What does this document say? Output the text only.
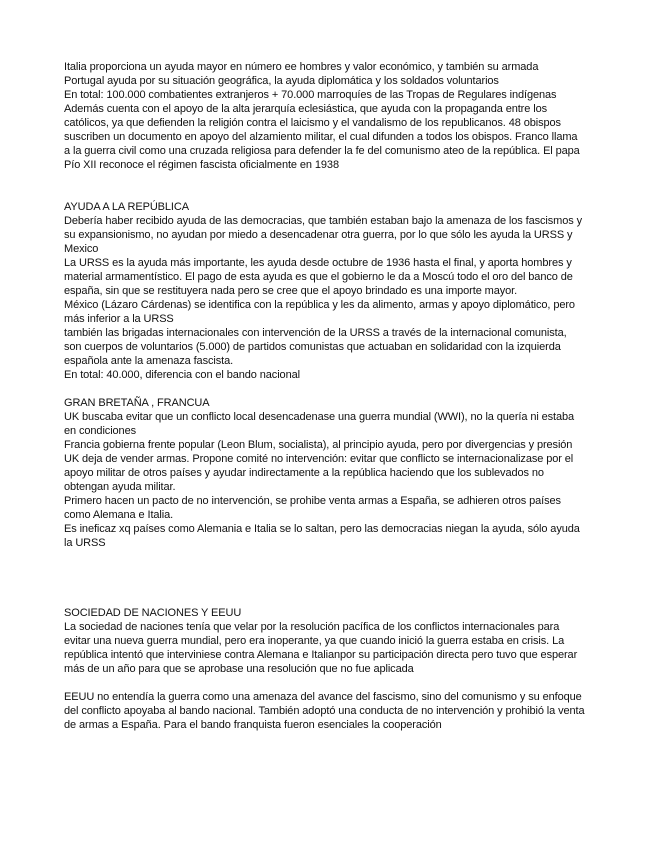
Italia proporciona un ayuda mayor en número ee hombres y valor económico, y también su armada

Portugal ayuda por su situación geográfica, la ayuda diplomática y los soldados voluntarios

En total: 100.000 combatientes extranjeros + 70.000 marroquíes de las Tropas de Regulares indígenas

Además cuenta con el apoyo de la alta jerarquía eclesiástica, que ayuda con la propaganda entre los católicos, ya que defienden la religión contra el laicismo y el vandalismo de los republicanos. 48 obispos suscriben un documento en apoyo del alzamiento militar, el cual difunden a todos los obispos. Franco llama a la guerra civil como una cruzada religiosa para defender la fe del comunismo ateo de la república. El papa Pío XII reconoce el régimen fascista oficialmente en 1938

AYUDA A LA REPÚBLICA

Debería haber recibido ayuda de las democracias, que también estaban bajo la amenaza de los fascismos y su expansionismo, no ayudan por miedo a desencadenar otra guerra, por lo que sólo les ayuda la URSS y Mexico

La URSS es la ayuda más importante, les ayuda desde octubre de 1936 hasta el final, y aporta hombres y material armamentístico. El pago de esta ayuda es que el gobierno le da a Moscú todo el oro del banco de españa, sin que se restituyera nada pero se cree que el apoyo brindado es una importe mayor.

México (Lázaro Cárdenas) se identifica con la república y les da alimento, armas y apoyo diplomático, pero más inferior a la URSS

también las brigadas internacionales con intervención de la URSS a través de la internacional comunista, son cuerpos de voluntarios (5.000) de partidos comunistas que actuaban en solidaridad con la izquierda española ante la amenaza fascista.

En total: 40.000, diferencia con el bando nacional

GRAN BRETAÑA , FRANCUA

UK buscaba evitar que un conflicto local desencadenase una guerra mundial (WWI), no la quería ni estaba en condiciones

Francia gobierna frente popular (Leon Blum, socialista), al principio ayuda, pero por divergencias y presión UK deja de vender armas. Propone comité no intervención: evitar que conflicto se internacionalizase por el apoyo militar de otros países y ayudar indirectamente a la república haciendo que los sublevados no obtengan ayuda militar.

Primero hacen un pacto de no intervención, se prohibe venta armas a España, se adhieren otros países como Alemana e Italia.

Es ineficaz xq países como Alemania e Italia se lo saltan, pero las democracias niegan la ayuda, sólo ayuda la URSS

SOCIEDAD DE NACIONES Y EEUU

La sociedad de naciones tenía que velar por la resolución pacífica de los conflictos internacionales para evitar una nueva guerra mundial, pero era inoperante, ya que cuando inició la guerra estaba en crisis. La república intentó que interviniese contra Alemana e Italianpor su participación directa pero tuvo que esperar más de un año para que se aprobase una resolución que no fue aplicada

EEUU no entendía la guerra como una amenaza del avance del fascismo, sino del comunismo y su enfoque del conflicto apoyaba al bando nacional. También adoptó una conducta de no intervención y prohibió la venta de armas a España. Para el bando franquista fueron esenciales la cooperación
